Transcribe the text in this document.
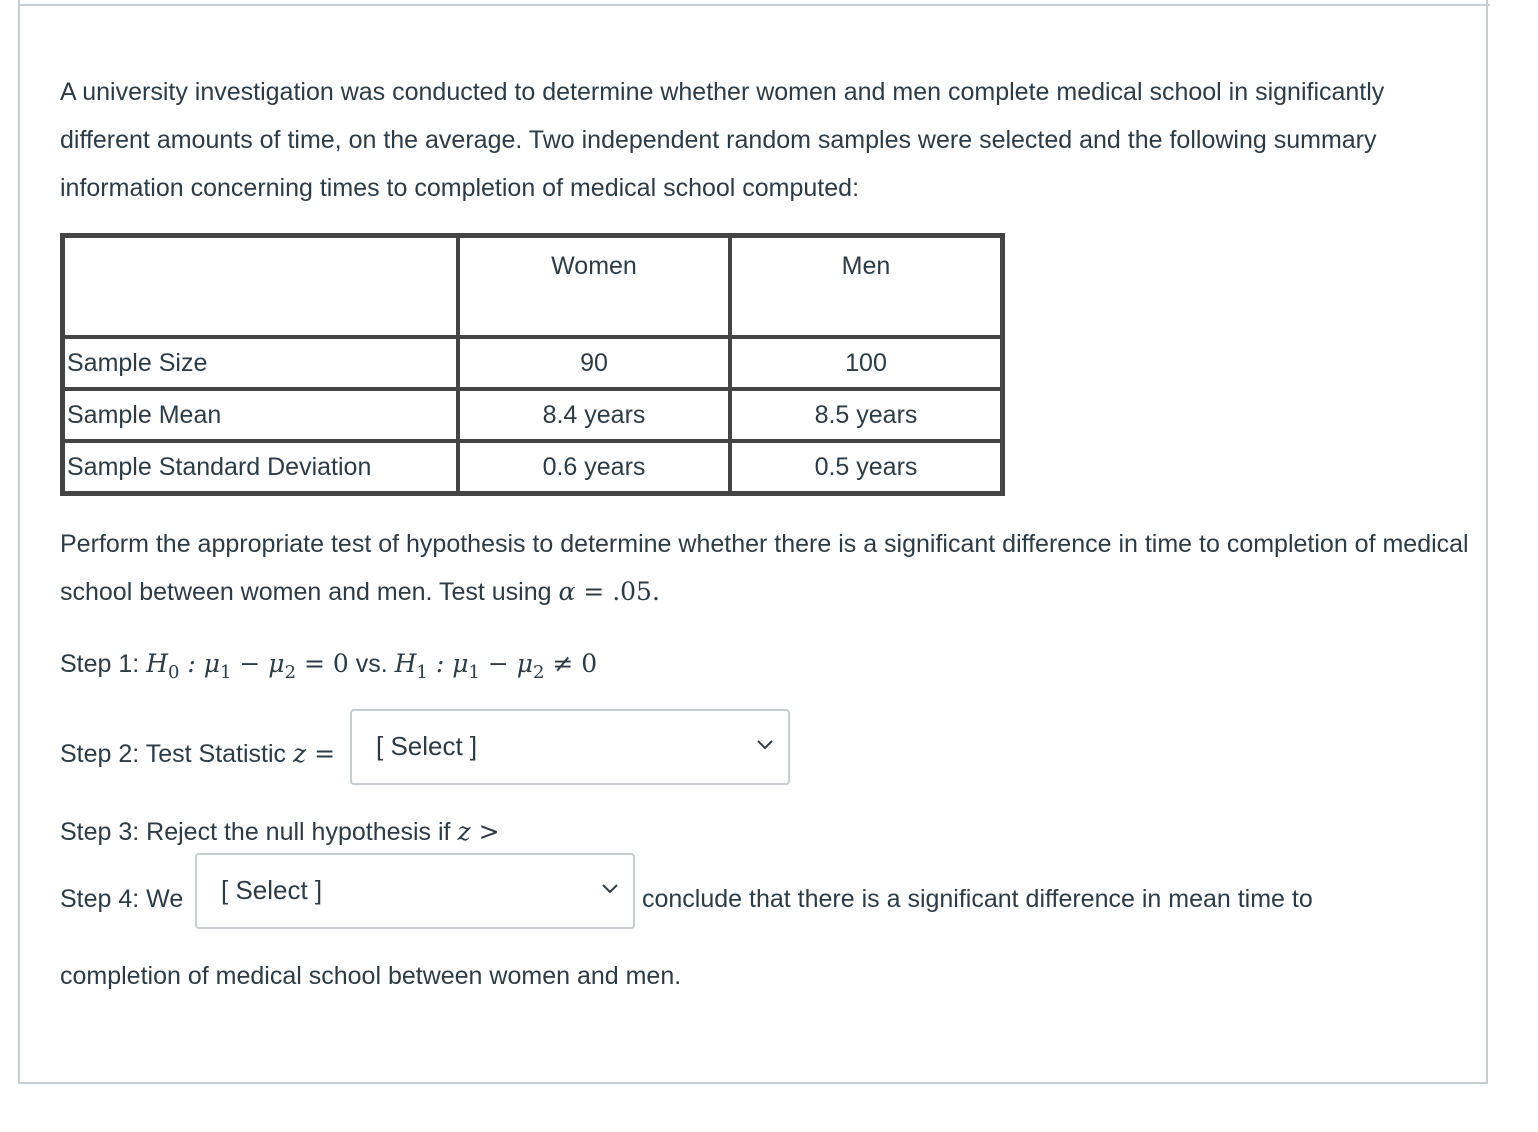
A university investigation was conducted to determine whether women and men complete medical school in significantly different amounts of time, on the average. Two independent random samples were selected and the following summary information concerning times to completion of medical school computed:
	Women	Men
Sample Size	90	100
Sample Mean	8.4 years	8.5 years
Sample Standard Deviation	0.6 years	0.5 years
Perform the appropriate test of hypothesis to determine whether there is a significant difference in time to completion of medical school between women and men. Test using α = .05.
Step 1: $H_0$ : $\mu_1 - \mu_2 = 0$ vs. $H_1$ : $\mu_1 - \mu_2 \ne 0$
Step 2: Test Statistic z =	[ Select ]
Step 3: Reject the null hypothesis if z >
Step 4: We	[ Select ]	conclude that there is a significant difference in mean time to
completion of medical school between women and men.
